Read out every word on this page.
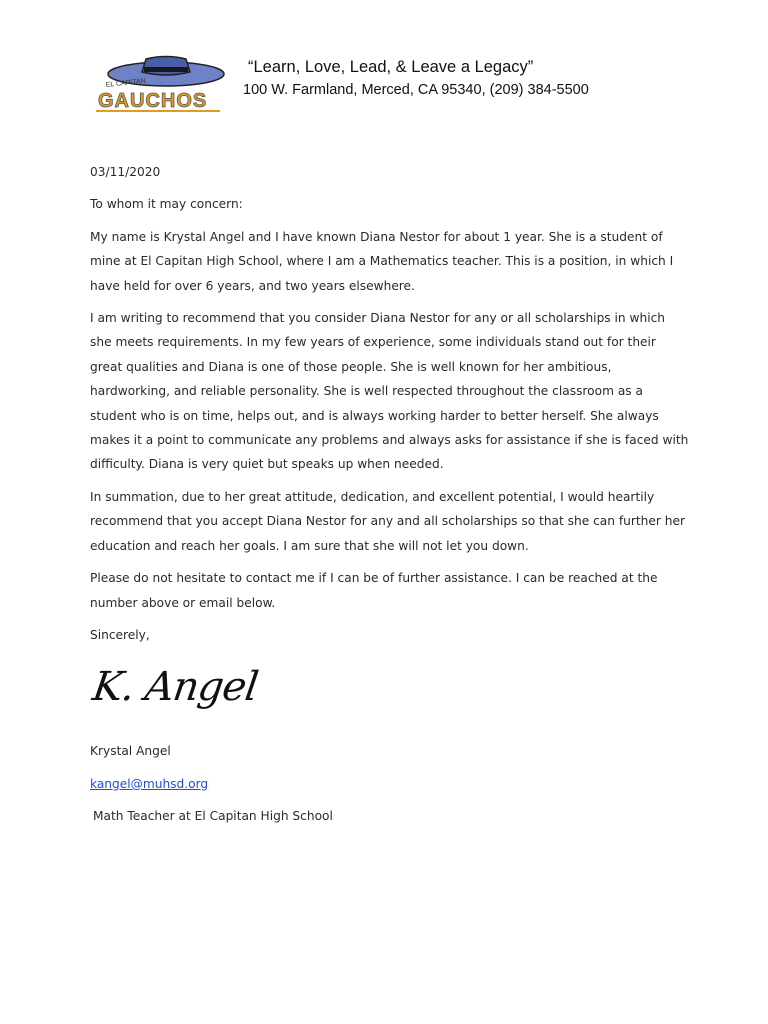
EL CAPITAN
GAUCHOS
“Learn, Love, Lead, & Leave a Legacy”
100 W. Farmland, Merced, CA 95340, (209) 384-5500

03/11/2020

To whom it may concern:

My name is Krystal Angel and I have known Diana Nestor for about 1 year. She is a student of mine at El Capitan High School, where I am a Mathematics teacher. This is a position, in which I have held for over 6 years, and two years elsewhere.

I am writing to recommend that you consider Diana Nestor for any or all scholarships in which she meets requirements. In my few years of experience, some individuals stand out for their great qualities and Diana is one of those people. She is well known for her ambitious, hardworking, and reliable personality. She is well respected throughout the classroom as a student who is on time, helps out, and is always working harder to better herself. She always makes it a point to communicate any problems and always asks for assistance if she is faced with difficulty. Diana is very quiet but speaks up when needed.

In summation, due to her great attitude, dedication, and excellent potential, I would heartily recommend that you accept Diana Nestor for any and all scholarships so that she can further her education and reach her goals. I am sure that she will not let you down.

Please do not hesitate to contact me if I can be of further assistance. I can be reached at the number above or email below.

Sincerely,

K. Angel

Krystal Angel

kangel@muhsd.org

Math Teacher at El Capitan High School
